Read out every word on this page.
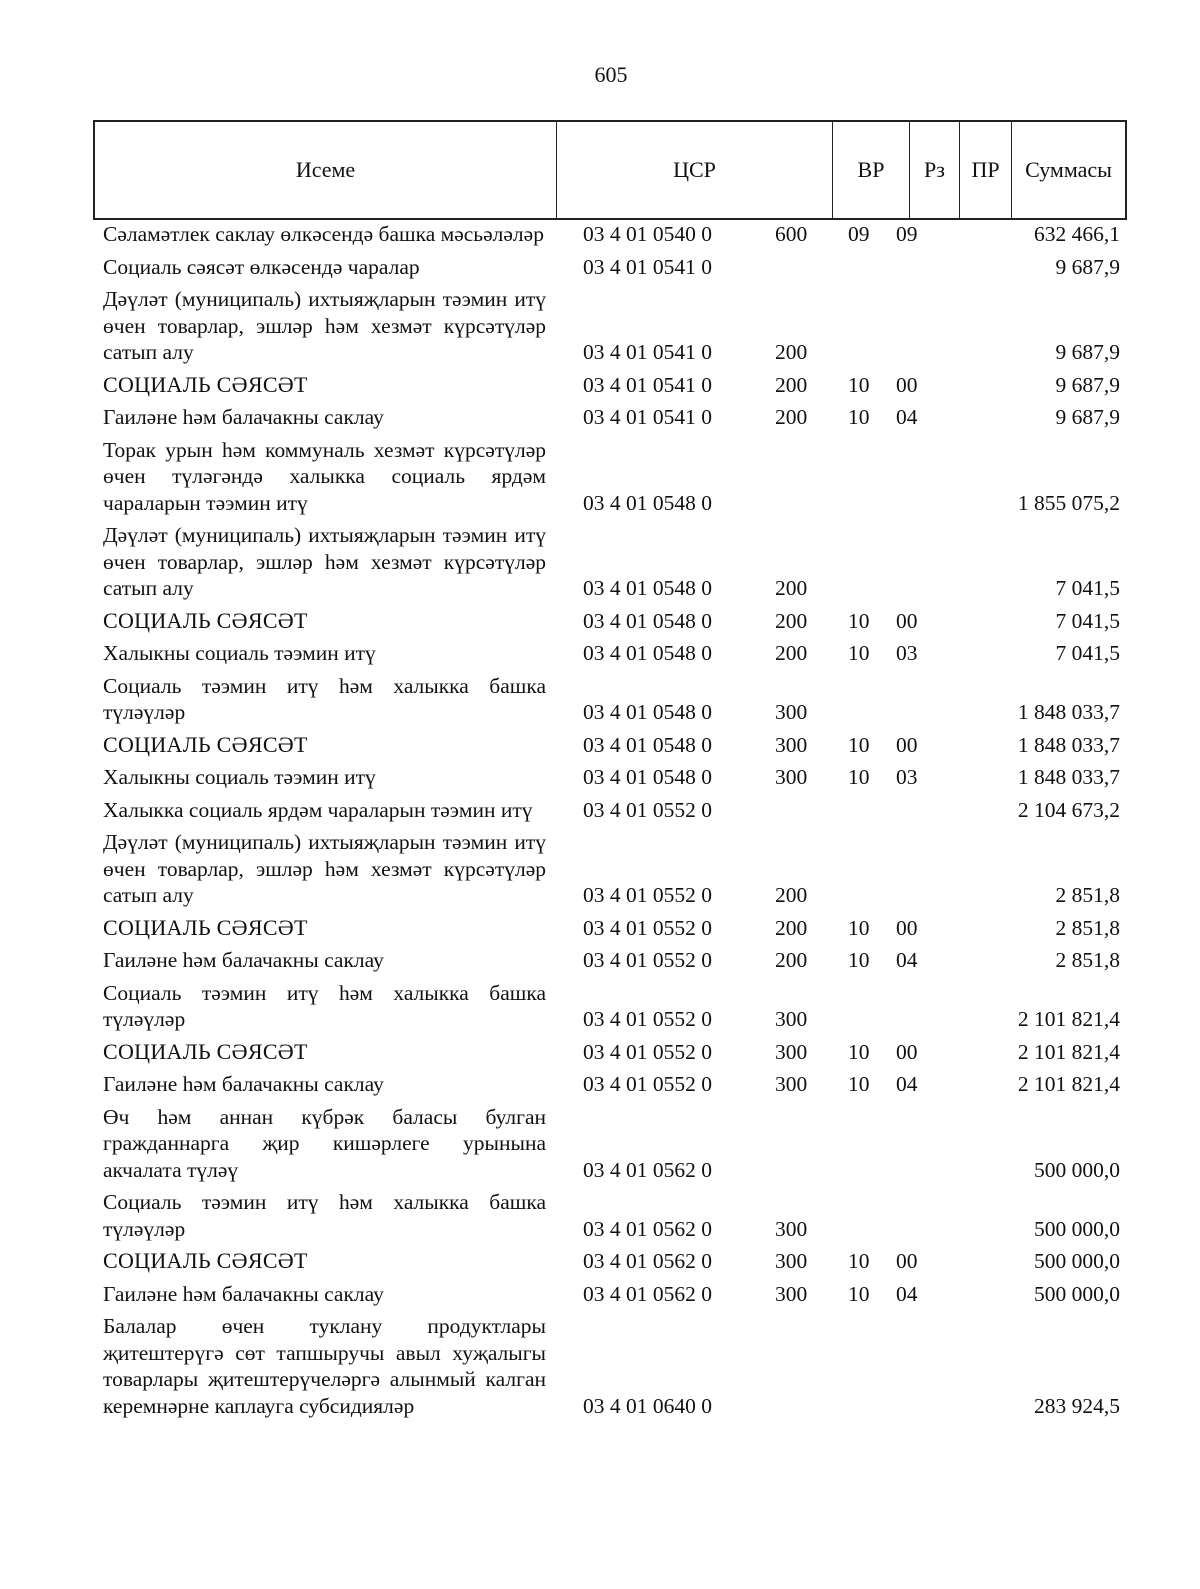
605
Исеме	ЦСР	ВР	Рз	ПР	Суммасы
Сәламәтлек саклау өлкәсендә башка мәсьәләләр 03 4 01 0540 0	600 09 09	632 466,1
Социаль сәясәт өлкәсендә чаралар	03 4 01 0541 0	9 687,9
Дәүләт (муниципаль) ихтыяҗларын тәэмин итү өчен товарлар, эшләр һәм хезмәт күрсәтүләр сатып алу	03 4 01 0541 0	200	9 687,9
СОЦИАЛЬ СӘЯСӘТ	03 4 01 0541 0	200 10 00	9 687,9
Гаиләне һәм балачакны саклау	03 4 01 0541 0	200 10 04	9 687,9
Торак урын һәм коммуналь хезмәт күрсәтүләр өчен түләгәндә халыкка социаль ярдәм чараларын тәэмин итү	03 4 01 0548 0	1 855 075,2
Дәүләт (муниципаль) ихтыяҗларын тәэмин итү өчен товарлар, эшләр һәм хезмәт күрсәтүләр сатып алу	03 4 01 0548 0	200	7 041,5
СОЦИАЛЬ СӘЯСӘТ	03 4 01 0548 0	200 10 00	7 041,5
Халыкны социаль тәэмин итү	03 4 01 0548 0	200 10 03	7 041,5
Социаль тәэмин итү һәм халыкка башка түләүләр	03 4 01 0548 0	300	1 848 033,7
СОЦИАЛЬ СӘЯСӘТ	03 4 01 0548 0	300 10 00	1 848 033,7
Халыкны социаль тәэмин итү	03 4 01 0548 0	300 10 03	1 848 033,7
Халыкка социаль ярдәм чараларын тәэмин итү	03 4 01 0552 0	2 104 673,2
Дәүләт (муниципаль) ихтыяҗларын тәэмин итү өчен товарлар, эшләр һәм хезмәт күрсәтүләр сатып алу	03 4 01 0552 0	200	2 851,8
СОЦИАЛЬ СӘЯСӘТ	03 4 01 0552 0	200 10 00	2 851,8
Гаиләне һәм балачакны саклау	03 4 01 0552 0	200 10 04	2 851,8
Социаль тәэмин итү һәм халыкка башка түләүләр	03 4 01 0552 0	300	2 101 821,4
СОЦИАЛЬ СӘЯСӘТ	03 4 01 0552 0	300 10 00	2 101 821,4
Гаиләне һәм балачакны саклау	03 4 01 0552 0	300 10 04	2 101 821,4
Өч һәм аннан күбрәк баласы булган гражданнарга җир кишәрлеге урынына акчалата түләү	03 4 01 0562 0	500 000,0
Социаль тәэмин итү һәм халыкка башка түләүләр	03 4 01 0562 0	300	500 000,0
СОЦИАЛЬ СӘЯСӘТ	03 4 01 0562 0	300 10 00	500 000,0
Гаиләне һәм балачакны саклау	03 4 01 0562 0	300 10 04	500 000,0
Балалар өчен туклану продуктлары җитештерүгә сөт тапшыручы авыл хуҗалыгы товарлары җитештерүчеләргә алынмый калган керемнәрне каплауга субсидияләр	03 4 01 0640 0	283 924,5
